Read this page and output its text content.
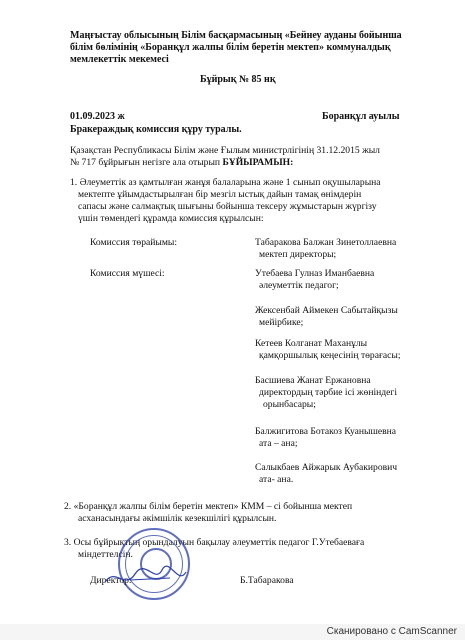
Маңғыстау облысының Білім басқармасының «Бейнеу ауданы бойынша
білім бөлімінің «Боранқұл жалпы білім беретін мектеп» коммуналдық
мемлекеттік мекемесі
Бұйрық № 85 нқ
01.09.2023 ж	Боранқұл ауылы
Бракераждық комиссия құру туралы.
Қазақстан Республикасы Білім және Ғылым министрлігінің 31.12.2015 жыл
№ 717 бұйрығын негізге ала отырып БҰЙЫРАМЫН:
1. Әлеуметтік аз қамтылған жанұя балаларына және 1 сынып оқушыларына
мектепте ұйымдастырылған бір мезгіл ыстық дайын тамақ өнімдерін
сапасы және салмақтық шығыны бойынша тексеру жұмыстарын жүргізу
үшін төмендегі құрамда комиссия құрылсын:
Комиссия төрайымы:	Табаракова Балжан Зинетоллаевна
мектеп директоры;
Комиссия мүшесі:	Утебаева Гулназ Иманбаевна
әлеуметтік педагог;
Жексенбай Аймекен Сабытайқызы
мейірбике;
Кетеев Колганат Маханұлы
қамқоршылық кеңесінің төрағасы;
Басшиева Жанат Ержановна
директордың тәрбие ісі жөніндегі
орынбасары;
Балжигитова Ботакоз Куанышевна
ата – ана;
Салыкбаев Айжарык Аубакирович
ата- ана.
2. «Боранқұл жалпы білім беретін мектеп» КММ – сі бойынша мектеп
асханасындағы әкімшілік кезекшілігі құрылсын.
3. Осы бұйрықтың орындалуын бақылау әлеуметтік педагог Г.Утебаеваға
міндеттелсін.
Директор:	Б.Табаракова
Сканировано с CamScanner
